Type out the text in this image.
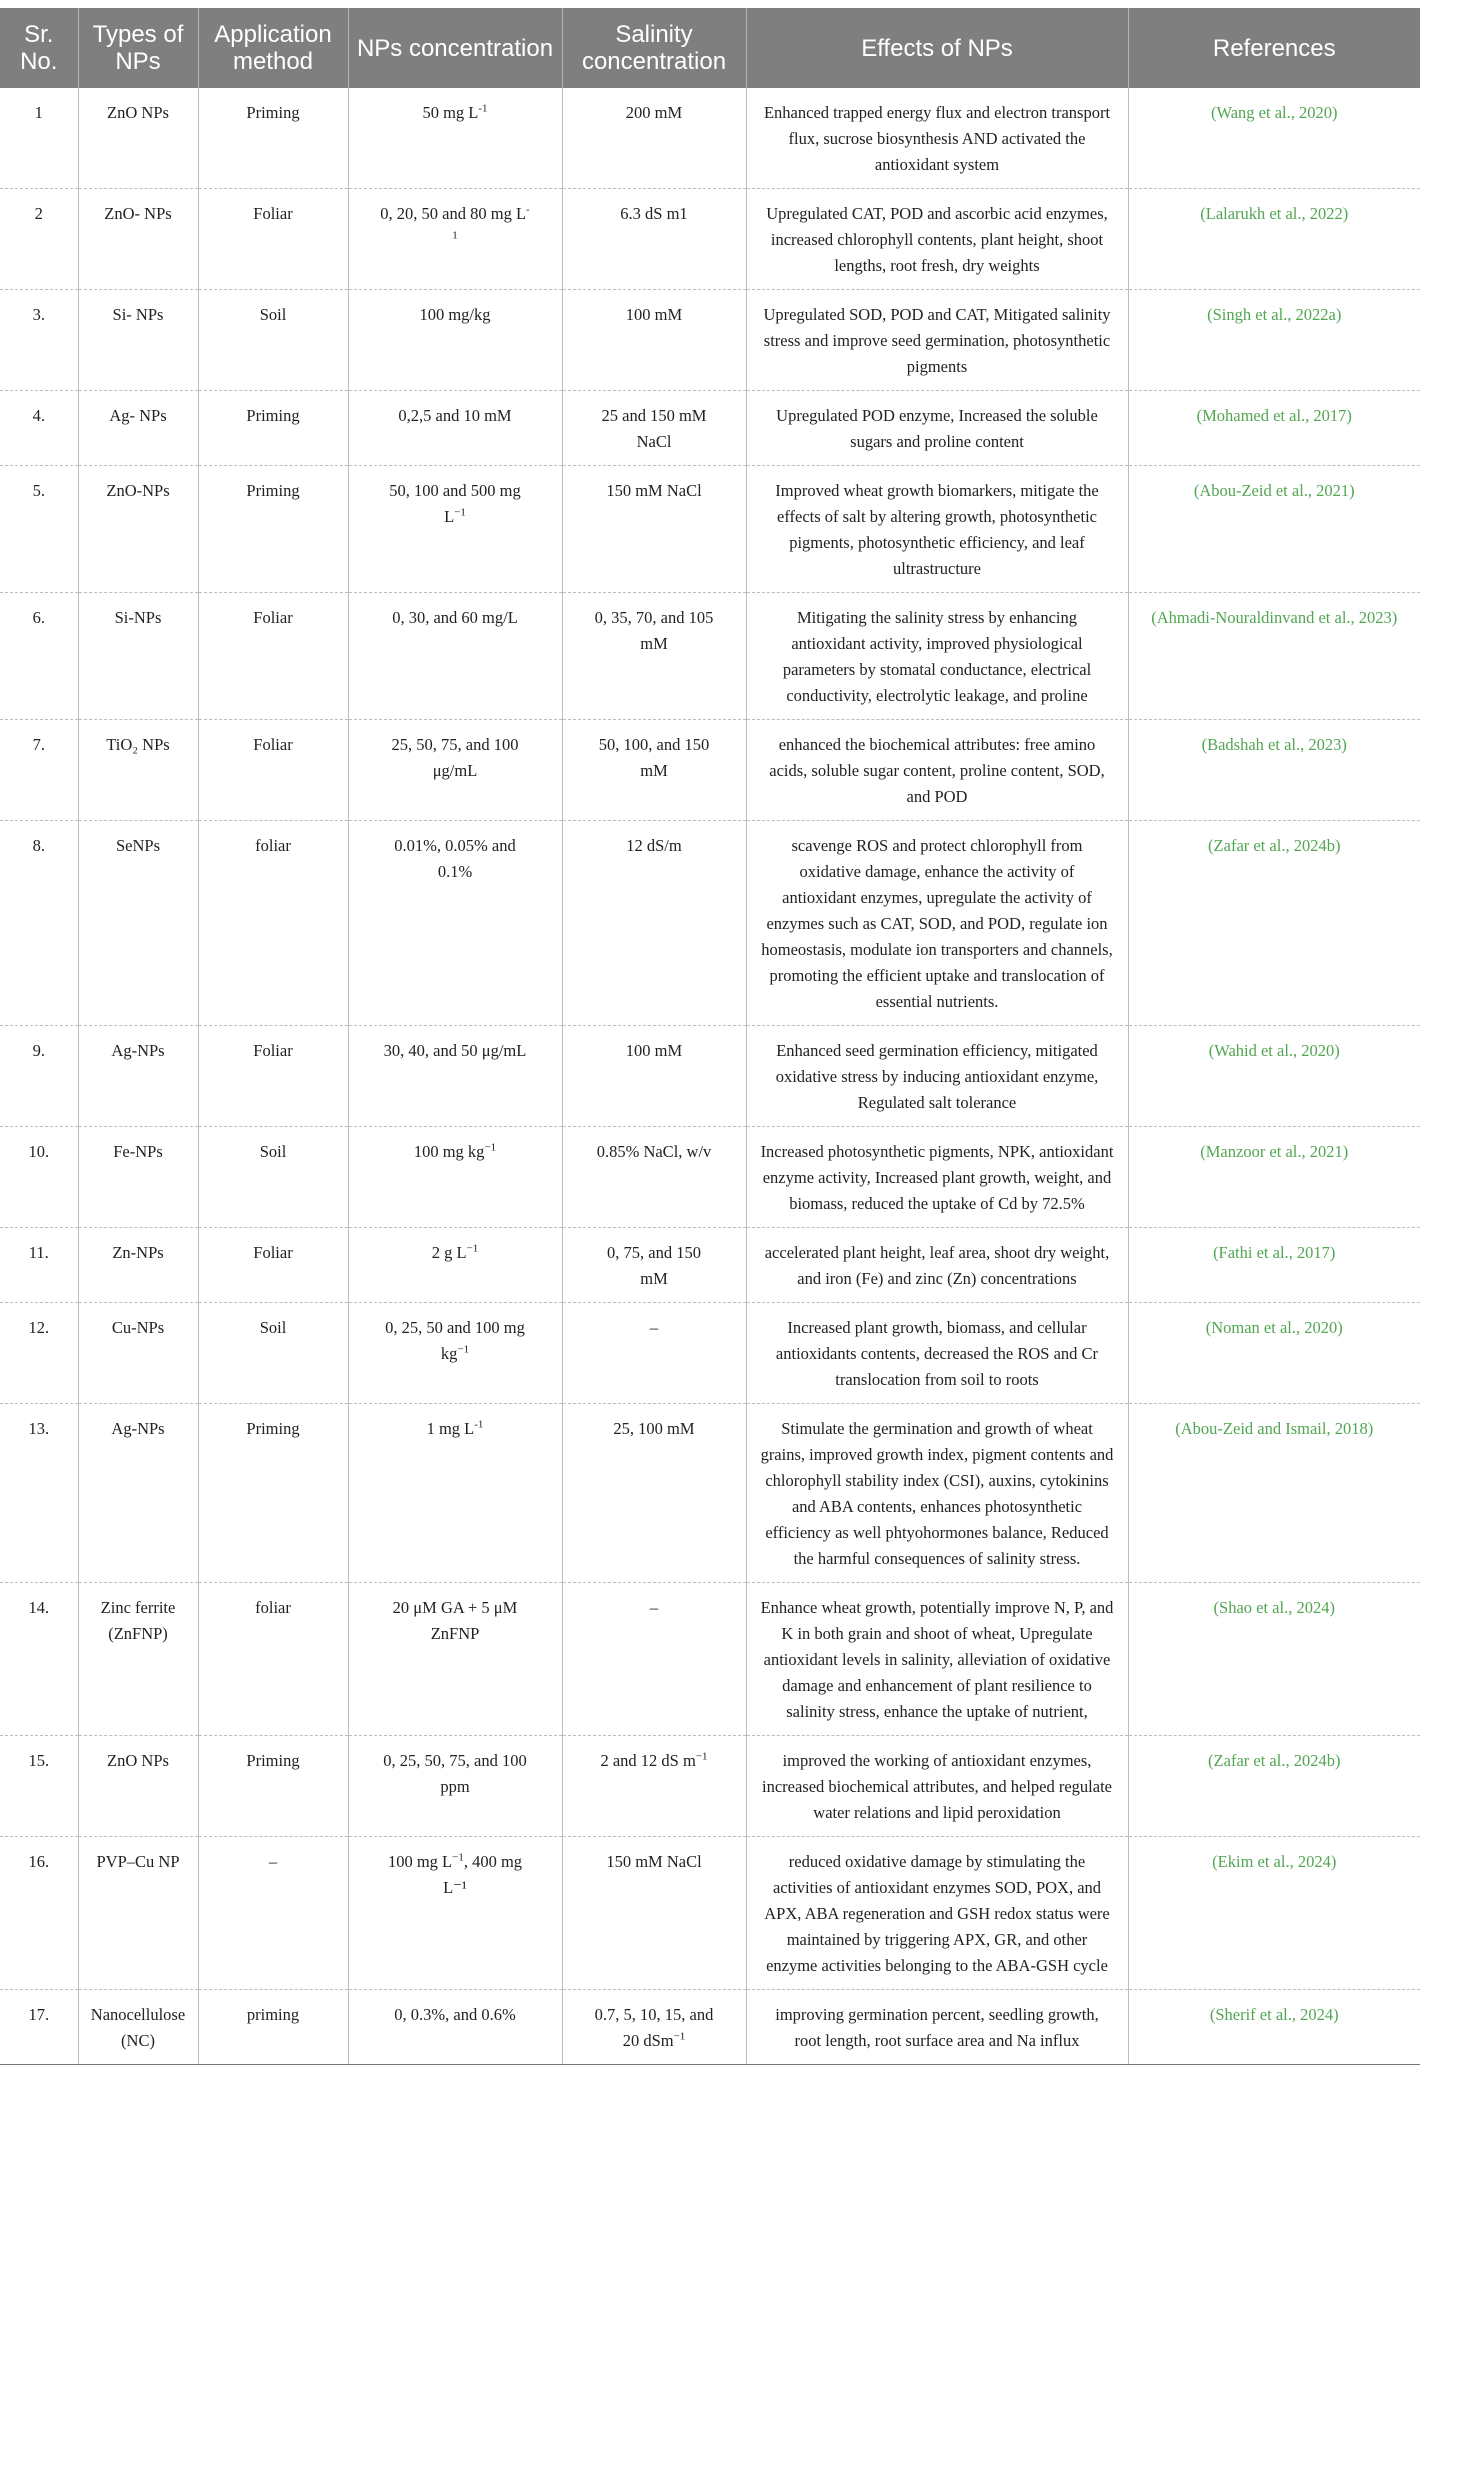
Sr. No.	Types of NPs	Application method	NPs concentration	Salinity concentration	Effects of NPs	References
1	ZnO NPs	Priming	50 mg $L^{-1}$	200 mM	Enhanced trapped energy flux and electron transport flux, sucrose biosynthesis AND activated the antioxidant system	(Wang et al., 2020)
2	ZnO- NPs	Foliar	0, 20, 50 and 80 mg $L^{-1}$	6.3 dS m1	Upregulated CAT, POD and ascorbic acid enzymes, increased chlorophyll contents, plant height, shoot lengths, root fresh, dry weights	(Lalarukh et al., 2022)
3.	Si- NPs	Soil	100 mg/kg	100 mM	Upregulated SOD, POD and CAT, Mitigated salinity stress and improve seed germination, photosynthetic pigments	(Singh et al., 2022a)
4.	Ag- NPs	Priming	0,2,5 and 10 mM	25 and 150 mM NaCl	Upregulated POD enzyme, Increased the soluble sugars and proline content	(Mohamed et al., 2017)
5.	ZnO-NPs	Priming	50, 100 and 500 mg $L^{-1}$	150 mM NaCl	Improved wheat growth biomarkers, mitigate the effects of salt by altering growth, photosynthetic pigments, photosynthetic efficiency, and leaf ultrastructure	(Abou-Zeid et al., 2021)
6.	Si-NPs	Foliar	0, 30, and 60 mg/L	0, 35, 70, and 105 mM	Mitigating the salinity stress by enhancing antioxidant activity, improved physiological parameters by stomatal conductance, electrical conductivity, electrolytic leakage, and proline	(Ahmadi-Nouraldinvand et al., 2023)
7.	TiO₂ NPs	Foliar	25, 50, 75, and 100 μg/mL	50, 100, and 150 mM	enhanced the biochemical attributes: free amino acids, soluble sugar content, proline content, SOD, and POD	(Badshah et al., 2023)
8.	SeNPs	foliar	0.01%, 0.05% and 0.1%	12 dS/m	scavenge ROS and protect chlorophyll from oxidative damage, enhance the activity of antioxidant enzymes, upregulate the activity of enzymes such as CAT, SOD, and POD, regulate ion homeostasis, modulate ion transporters and channels, promoting the efficient uptake and translocation of essential nutrients.	(Zafar et al., 2024b)
9.	Ag-NPs	Foliar	30, 40, and 50 μg/mL	100 mM	Enhanced seed germination efficiency, mitigated oxidative stress by inducing antioxidant enzyme, Regulated salt tolerance	(Wahid et al., 2020)
10.	Fe-NPs	Soil	100 mg $kg^{-1}$	0.85% NaCl, w/v	Increased photosynthetic pigments, NPK, antioxidant enzyme activity, Increased plant growth, weight, and biomass, reduced the uptake of Cd by 72.5%	(Manzoor et al., 2021)
11.	Zn-NPs	Foliar	2 g $L^{-1}$	0, 75, and 150 mM	accelerated plant height, leaf area, shoot dry weight, and iron (Fe) and zinc (Zn) concentrations	(Fathi et al., 2017)
12.	Cu-NPs	Soil	0, 25, 50 and 100 mg $kg^{-1}$	–	Increased plant growth, biomass, and cellular antioxidants contents, decreased the ROS and Cr translocation from soil to roots	(Noman et al., 2020)
13.	Ag-NPs	Priming	1 mg $L^{-1}$	25, 100 mM	Stimulate the germination and growth of wheat grains, improved growth index, pigment contents and chlorophyll stability index (CSI), auxins, cytokinins and ABA contents, enhances photosynthetic efficiency as well phtyohormones balance, Reduced the harmful consequences of salinity stress.	(Abou-Zeid and Ismail, 2018)
14.	Zinc ferrite (ZnFNP)	foliar	20 μM GA + 5 μM ZnFNP	–	Enhance wheat growth, potentially improve N, P, and K in both grain and shoot of wheat, Upregulate antioxidant levels in salinity, alleviation of oxidative damage and enhancement of plant resilience to salinity stress, enhance the uptake of nutrient,	(Shao et al., 2024)
15.	ZnO NPs	Priming	0, 25, 50, 75, and 100 ppm	2 and 12 dS $m^{-1}$	improved the working of antioxidant enzymes, increased biochemical attributes, and helped regulate water relations and lipid peroxidation	(Zafar et al., 2024b)
16.	PVP–Cu NP	–	100 mg $L^{-1}$, 400 mg L⁻¹	150 mM NaCl	reduced oxidative damage by stimulating the activities of antioxidant enzymes SOD, POX, and APX, ABA regeneration and GSH redox status were maintained by triggering APX, GR, and other enzyme activities belonging to the ABA-GSH cycle	(Ekim et al., 2024)
17.	Nanocellulose (NC)	priming	0, 0.3%, and 0.6%	0.7, 5, 10, 15, and 20 dSm$^{-1}$	improving germination percent, seedling growth, root length, root surface area and Na influx	(Sherif et al., 2024)
